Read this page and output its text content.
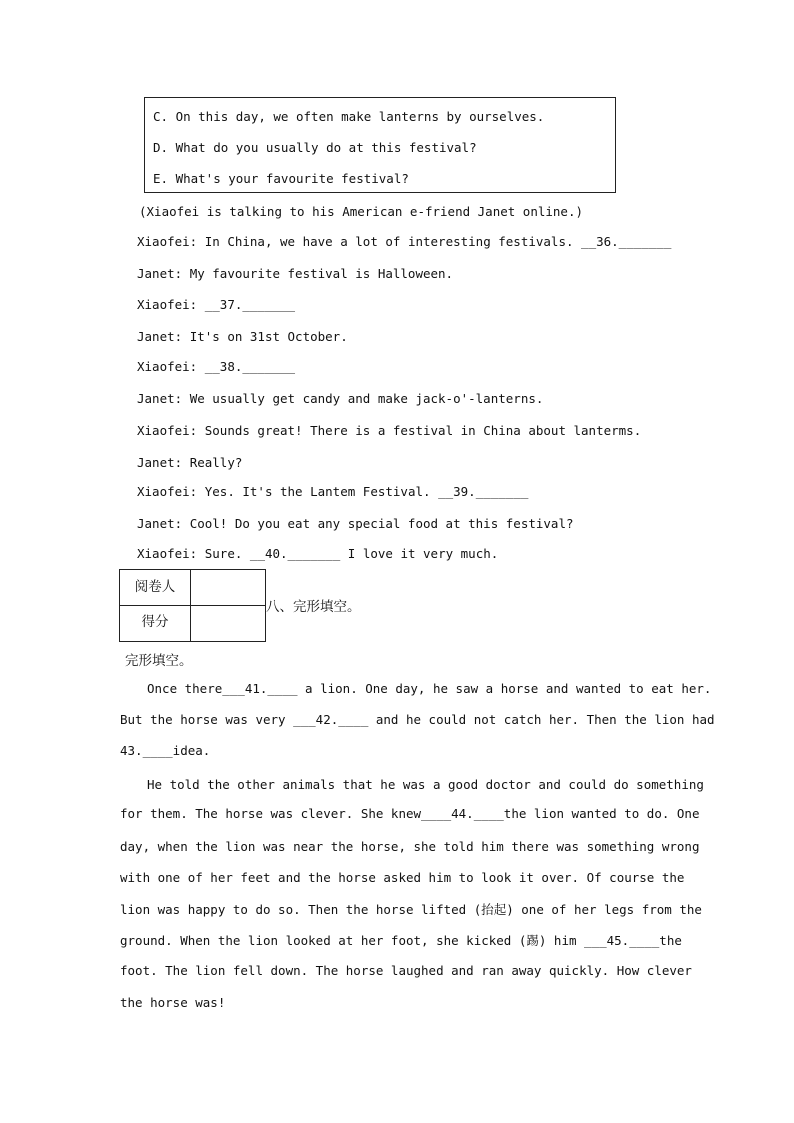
C. On this day, we often make lanterns by ourselves.
D. What do you usually do at this festival?
E. What's your favourite festival?
(Xiaofei is talking to his American e-friend Janet online.)
Xiaofei: In China, we have a lot of interesting festivals. __36._______
Janet: My favourite festival is Halloween.
Xiaofei: __37._______
Janet: It's on 31st October.
Xiaofei: __38._______
Janet: We usually get candy and make jack-o'-lanterns.
Xiaofei: Sounds great! There is a festival in China about lanterms.
Janet: Really?
Xiaofei: Yes. It's the Lantem Festival. __39._______
Janet: Cool! Do you eat any special food at this festival?
Xiaofei: Sure. __40._______ I love it very much.
阅卷人
得分
八、完形填空。
完形填空。
Once there___41.____ a lion. One day, he saw a horse and wanted to eat her.
But the horse was very ___42.____ and he could not catch her. Then the lion had
43.____idea.
He told the other animals that he was a good doctor and could do something
for them. The horse was clever. She knew____44.____the lion wanted to do. One
day, when the lion was near the horse, she told him there was something wrong
with one of her feet and the horse asked him to look it over. Of course the
lion was happy to do so. Then the horse lifted (抬起) one of her legs from the
ground. When the lion looked at her foot, she kicked (踢) him ___45.____the
foot. The lion fell down. The horse laughed and ran away quickly. How clever
the horse was!
